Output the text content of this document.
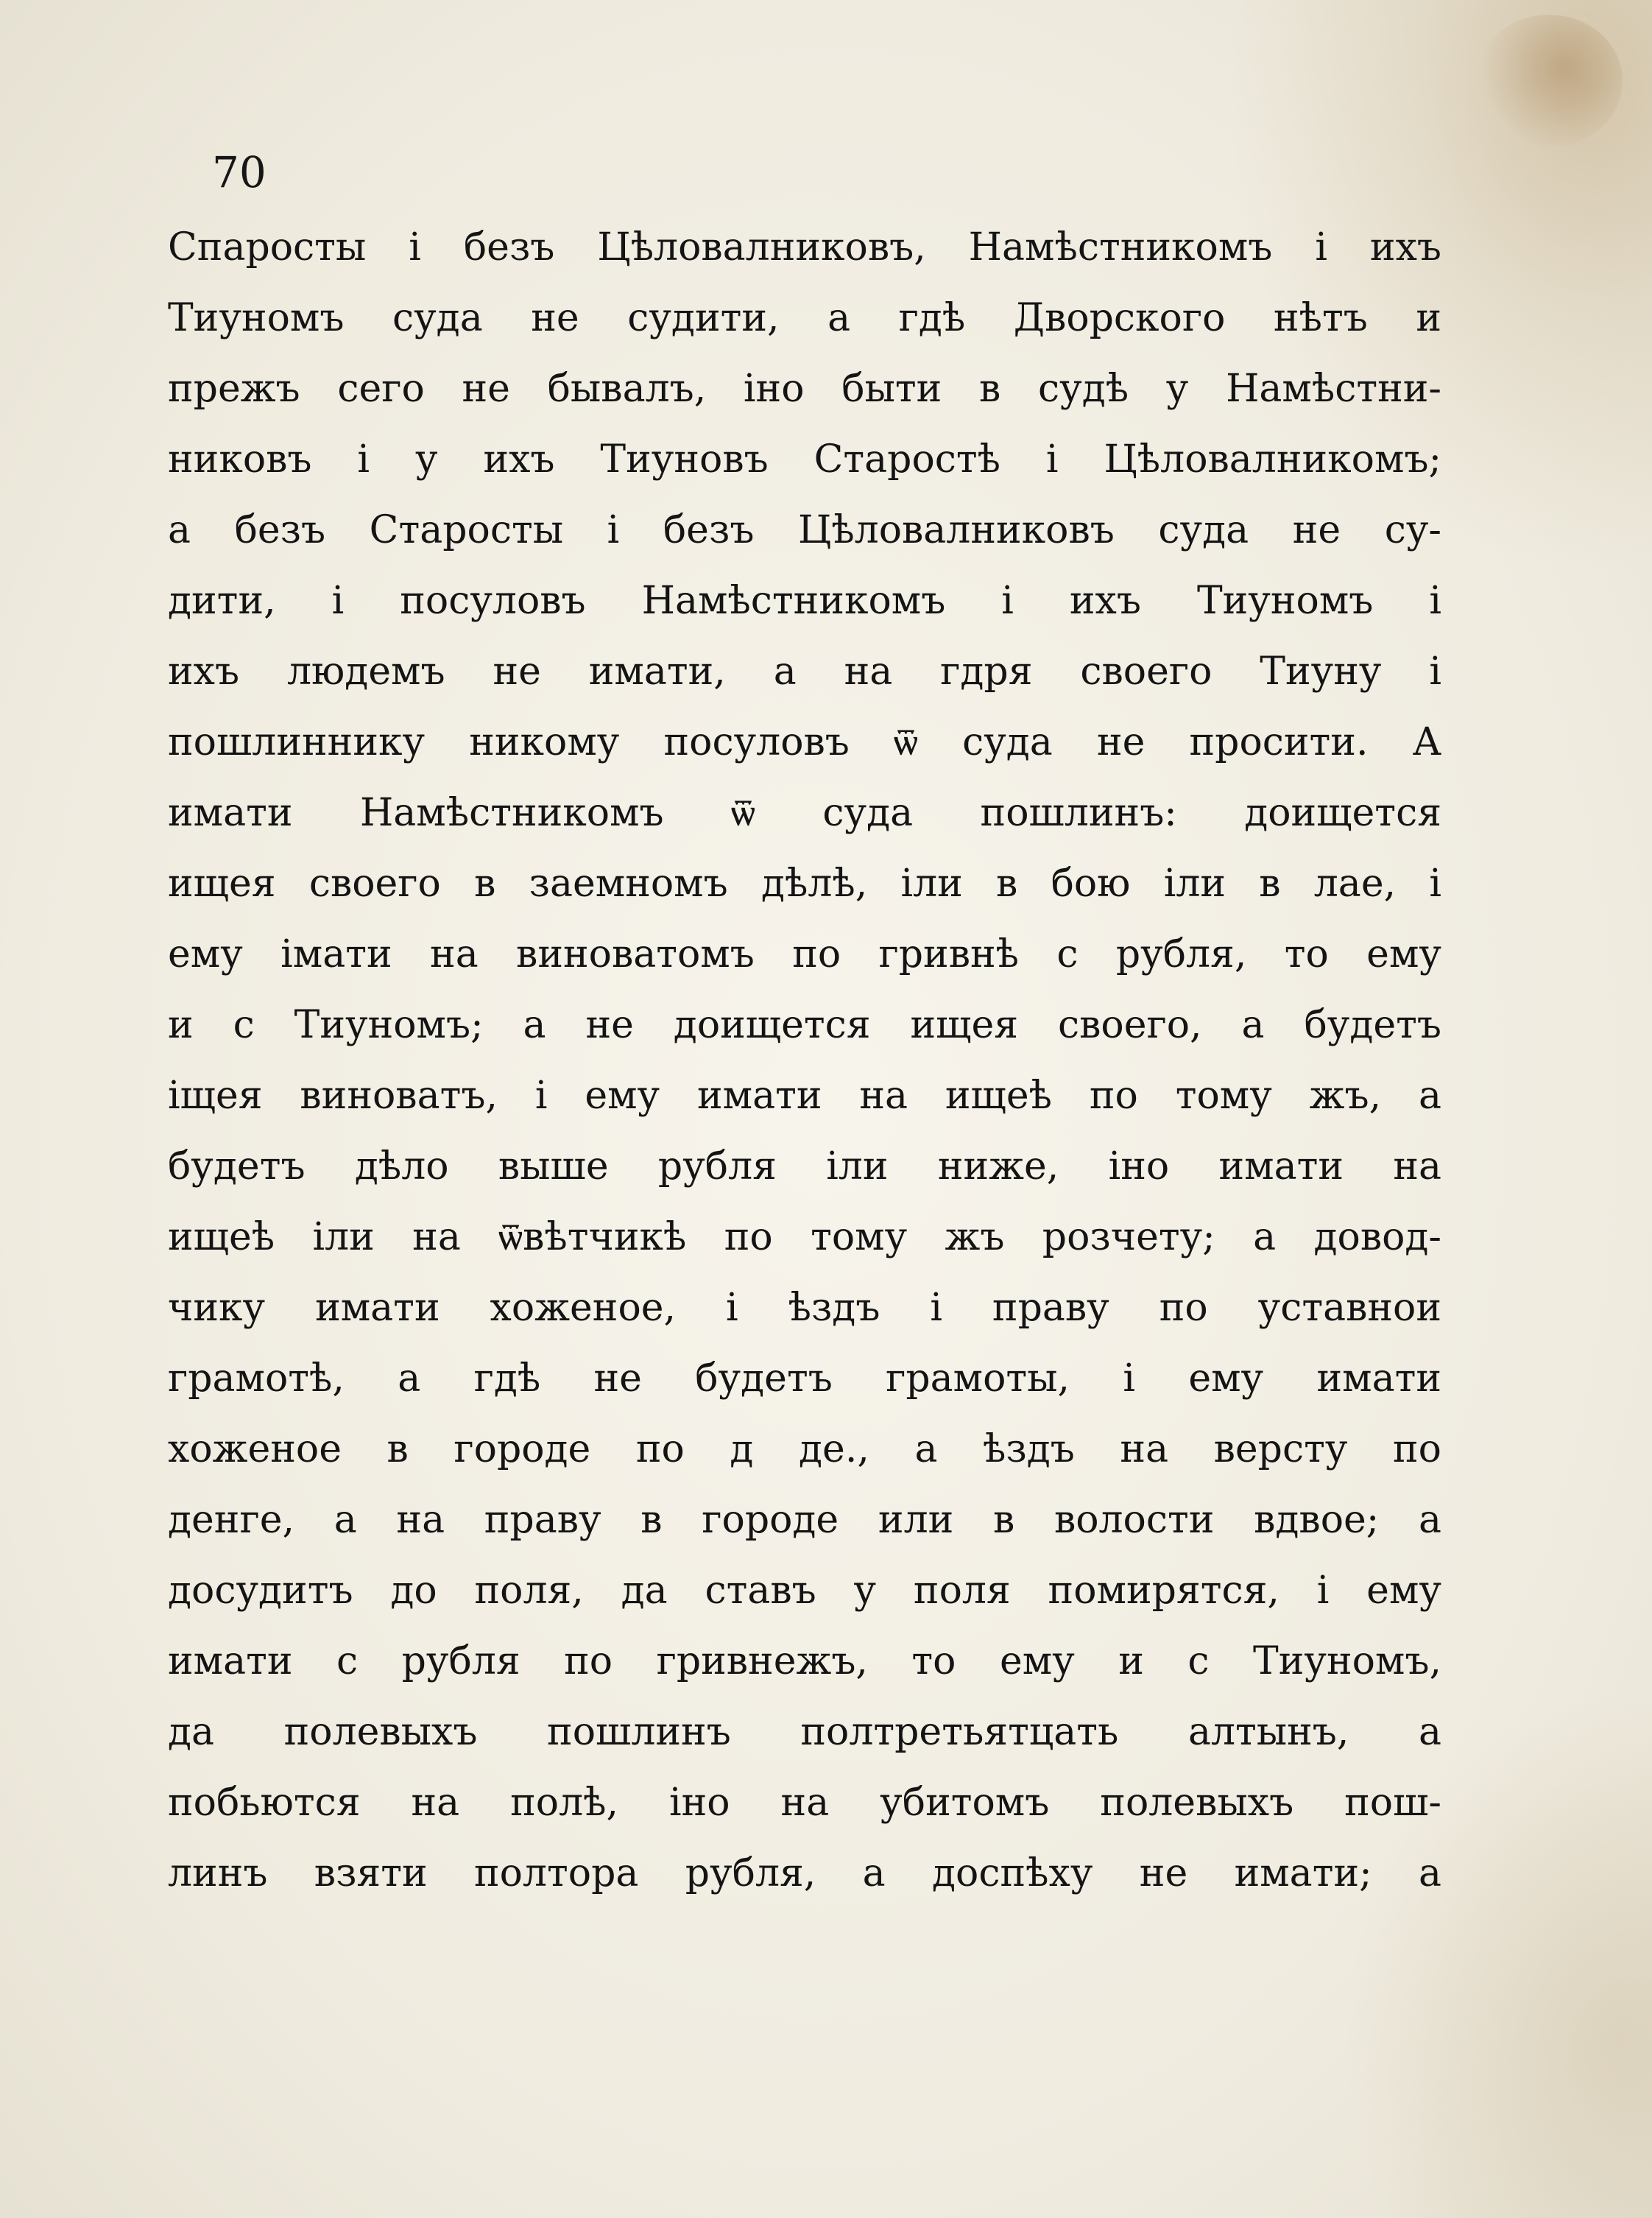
70
Спаросты і безъ Цѣловалниковъ, Намѣстникомъ і ихъ
Тиуномъ суда не судити, а гдѣ Дворского нѣтъ и
прежъ сего не бывалъ, іно быти в судѣ у Намѣстни-
никовъ і у ихъ Тиуновъ Старостѣ і Цѣловалникомъ;
а безъ Старосты і безъ Цѣловалниковъ суда не су-
дити, і посуловъ Намѣстникомъ і ихъ Тиуномъ і
ихъ людемъ не имати, а на гдря своего Тиуну і
пошлиннику никому посуловъ ѿ суда не просити. А
имати Намѣстникомъ ѿ суда пошлинъ: доищется
ищея своего в заемномъ дѣлѣ, іли в бою іли в лае, і
ему імати на виноватомъ по гривнѣ с рубля, то ему
и с Тиуномъ; а не доищется ищея своего, а будетъ
іщея виноватъ, і ему имати на ищеѣ по тому жъ, а
будетъ дѣло выше рубля іли ниже, іно имати на
ищеѣ іли на ѿвѣтчикѣ по тому жъ розчету; а довод-
чику имати хоженое, і ѣздъ і праву по уставнои
грамотѣ, а гдѣ не будетъ грамоты, і ему имати
хоженое в городе по д де., а ѣздъ на версту по
денге, а на праву в городе или в волости вдвое; а
досудитъ до поля, да ставъ у поля помирятся, і ему
имати с рубля по гривнежъ, то ему и с Тиуномъ,
да полевыхъ пошлинъ полтретьятцать алтынъ, а
побьются на полѣ, іно на убитомъ полевыхъ пош-
линъ взяти полтора рубля, а доспѣху не имати; а
